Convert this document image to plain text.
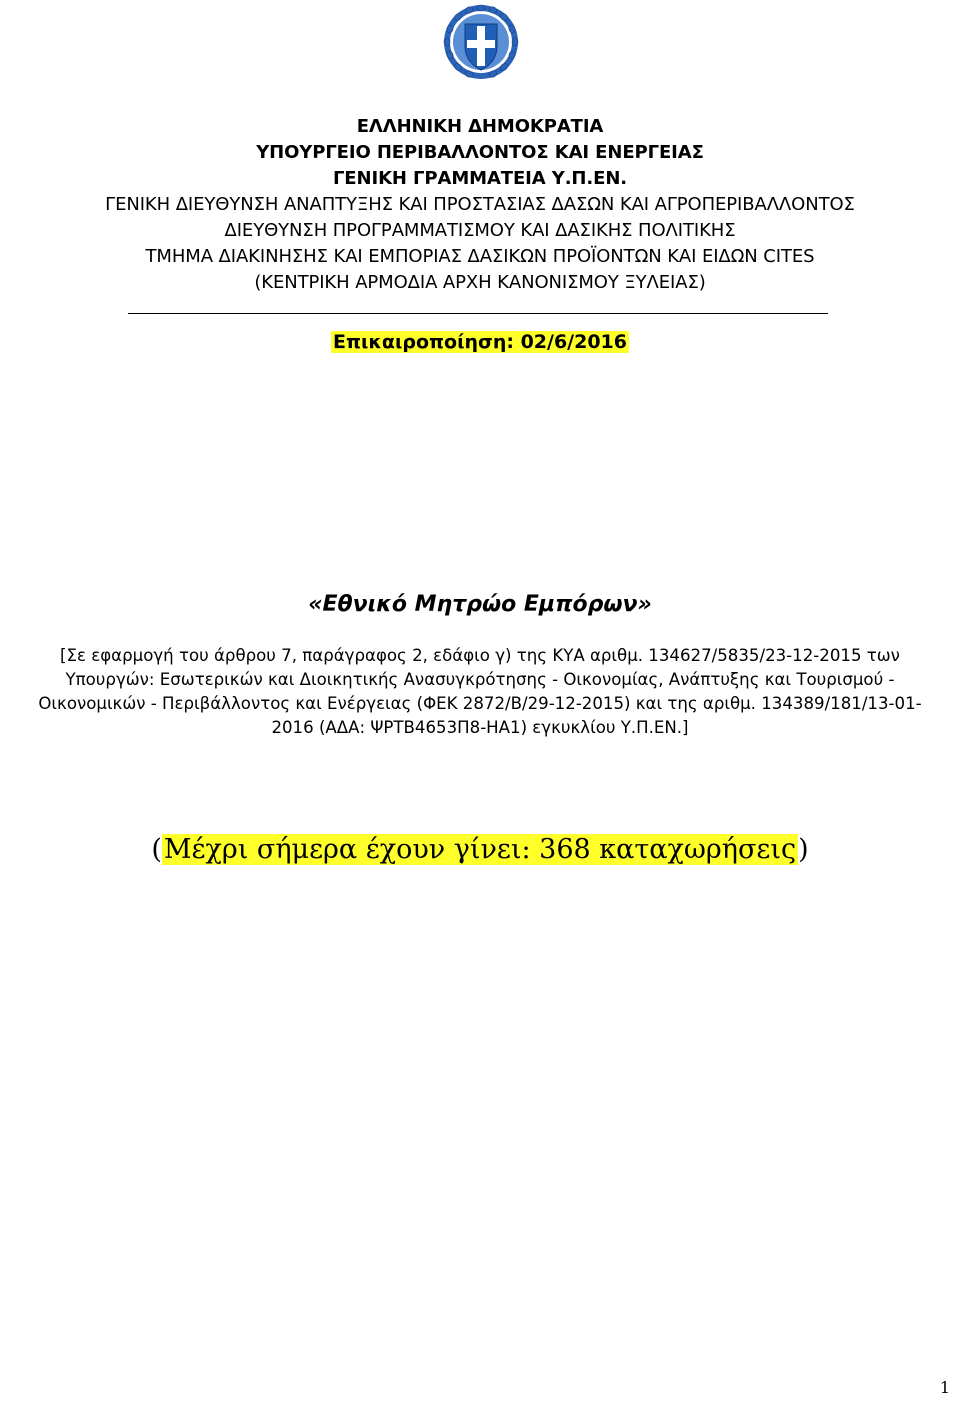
ΕΛΛΗΝΙΚΗ ΔΗΜΟΚΡΑΤΙΑ
ΥΠΟΥΡΓΕΙΟ ΠΕΡΙΒΑΛΛΟΝΤΟΣ ΚΑΙ ΕΝΕΡΓΕΙΑΣ
ΓΕΝΙΚΗ ΓΡΑΜΜΑΤΕΙΑ Υ.Π.ΕΝ.
ΓΕΝΙΚΗ ΔΙΕΥΘΥΝΣΗ ΑΝΑΠΤΥΞΗΣ ΚΑΙ ΠΡΟΣΤΑΣΙΑΣ ΔΑΣΩΝ ΚΑΙ ΑΓΡΟΠΕΡΙΒΑΛΛΟΝΤΟΣ
ΔΙΕΥΘΥΝΣΗ ΠΡΟΓΡΑΜΜΑΤΙΣΜΟΥ ΚΑΙ ΔΑΣΙΚΗΣ ΠΟΛΙΤΙΚΗΣ
ΤΜΗΜΑ ΔΙΑΚΙΝΗΣΗΣ ΚΑΙ ΕΜΠΟΡΙΑΣ ΔΑΣΙΚΩΝ ΠΡΟΪΟΝΤΩΝ ΚΑΙ ΕΙΔΩΝ CITES
(ΚΕΝΤΡΙΚΗ ΑΡΜΟΔΙΑ ΑΡΧΗ ΚΑΝΟΝΙΣΜΟΥ ΞΥΛΕΙΑΣ)
Επικαιροποίηση: 02/6/2016
«Εθνικό Μητρώο Εμπόρων»
[Σε εφαρμογή του άρθρου 7, παράγραφος 2, εδάφιο γ) της ΚΥΑ αριθμ. 134627/5835/23-12-2015 των
Υπουργών: Εσωτερικών και Διοικητικής Ανασυγκρότησης - Οικονομίας, Ανάπτυξης και Τουρισμού -
Οικονομικών - Περιβάλλοντος και Ενέργειας (ΦΕΚ 2872/Β/29-12-2015) και της αριθμ. 134389/181/13-01-
2016 (ΑΔΑ: ΨΡΤΒ4653Π8-ΗΑ1) εγκυκλίου Υ.Π.ΕΝ.]
(Μέχρι σήμερα έχουν γίνει: 368 καταχωρήσεις)
1
